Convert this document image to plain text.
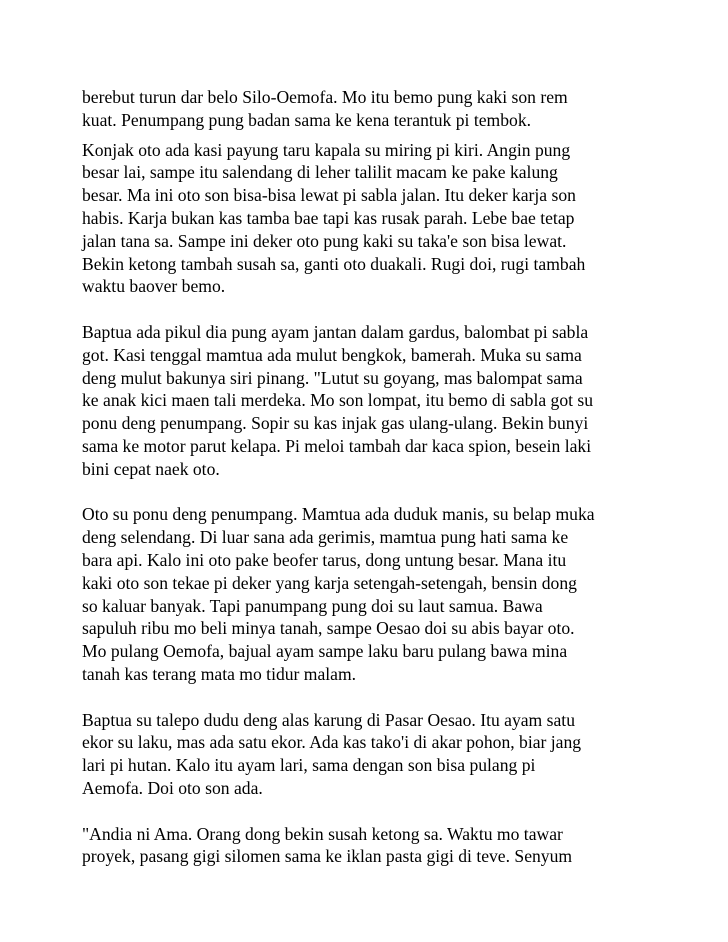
berebut turun dar belo Silo-Oemofa. Mo itu bemo pung kaki son rem
kuat. Penumpang pung badan sama ke kena terantuk pi tembok.

Konjak oto ada kasi payung taru kapala su miring pi kiri. Angin pung
besar lai, sampe itu salendang di leher talilit macam ke pake kalung
besar. Ma ini oto son bisa-bisa lewat pi sabla jalan. Itu deker karja son
habis. Karja bukan kas tamba bae tapi kas rusak parah. Lebe bae tetap
jalan tana sa. Sampe ini deker oto pung kaki su taka'e son bisa lewat.
Bekin ketong tambah susah sa, ganti oto duakali. Rugi doi, rugi tambah
waktu baover bemo.

Baptua ada pikul dia pung ayam jantan dalam gardus, balombat pi sabla
got. Kasi tenggal mamtua ada mulut bengkok, bamerah. Muka su sama
deng mulut bakunya siri pinang. "Lutut su goyang, mas balompat sama
ke anak kici maen tali merdeka. Mo son lompat, itu bemo di sabla got su
ponu deng penumpang. Sopir su kas injak gas ulang-ulang. Bekin bunyi
sama ke motor parut kelapa. Pi meloi tambah dar kaca spion, besein laki
bini cepat naek oto.

Oto su ponu deng penumpang. Mamtua ada duduk manis, su belap muka
deng selendang. Di luar sana ada gerimis, mamtua pung hati sama ke
bara api. Kalo ini oto pake beofer tarus, dong untung besar. Mana itu
kaki oto son tekae pi deker yang karja setengah-setengah, bensin dong
so kaluar banyak. Tapi panumpang pung doi su laut samua. Bawa
sapuluh ribu mo beli minya tanah, sampe Oesao doi su abis bayar oto.
Mo pulang Oemofa, bajual ayam sampe laku baru pulang bawa mina
tanah kas terang mata mo tidur malam.

Baptua su talepo dudu deng alas karung di Pasar Oesao. Itu ayam satu
ekor su laku, mas ada satu ekor. Ada kas tako'i di akar pohon, biar jang
lari pi hutan. Kalo itu ayam lari, sama dengan son bisa pulang pi
Aemofa. Doi oto son ada.

"Andia ni Ama. Orang dong bekin susah ketong sa. Waktu mo tawar
proyek, pasang gigi silomen sama ke iklan pasta gigi di teve. Senyum
